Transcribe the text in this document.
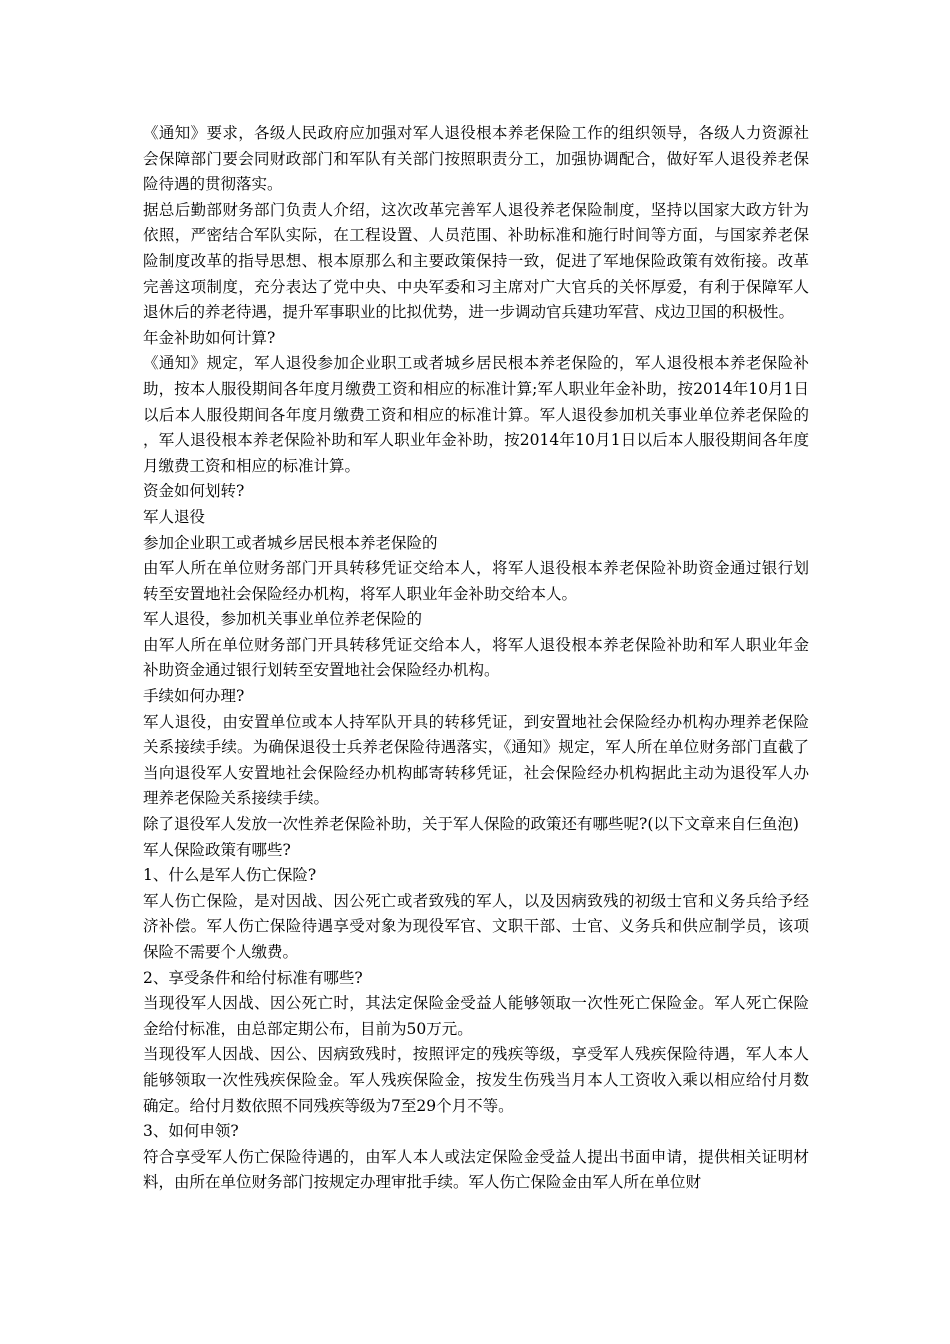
《通知》要求，各级人民政府应加强对军人退役根本养老保险工作的组织领导，各级人力资源社会保障部门要会同财政部门和军队有关部门按照职责分工，加强协调配合，做好军人退役养老保险待遇的贯彻落实。

据总后勤部财务部门负责人介绍，这次改革完善军人退役养老保险制度，坚持以国家大政方针为依照，严密结合军队实际，在工程设置、人员范围、补助标准和施行时间等方面，与国家养老保险制度改革的指导思想、根本原那么和主要政策保持一致，促进了军地保险政策有效衔接。改革完善这项制度，充分表达了党中央、中央军委和习主席对广大官兵的关怀厚爱，有利于保障军人退休后的养老待遇，提升军事职业的比拟优势，进一步调动官兵建功军营、戍边卫国的积极性。

年金补助如何计算?

《通知》规定，军人退役参加企业职工或者城乡居民根本养老保险的，军人退役根本养老保险补助，按本人服役期间各年度月缴费工资和相应的标准计算;军人职业年金补助，按2014年10月1日以后本人服役期间各年度月缴费工资和相应的标准计算。军人退役参加机关事业单位养老保险的，军人退役根本养老保险补助和军人职业年金补助，按2014年10月1日以后本人服役期间各年度月缴费工资和相应的标准计算。

资金如何划转?

军人退役

参加企业职工或者城乡居民根本养老保险的

由军人所在单位财务部门开具转移凭证交给本人，将军人退役根本养老保险补助资金通过银行划转至安置地社会保险经办机构，将军人职业年金补助交给本人。

军人退役，参加机关事业单位养老保险的

由军人所在单位财务部门开具转移凭证交给本人，将军人退役根本养老保险补助和军人职业年金补助资金通过银行划转至安置地社会保险经办机构。

手续如何办理?

军人退役，由安置单位或本人持军队开具的转移凭证，到安置地社会保险经办机构办理养老保险关系接续手续。为确保退役士兵养老保险待遇落实，《通知》规定，军人所在单位财务部门直截了当向退役军人安置地社会保险经办机构邮寄转移凭证，社会保险经办机构据此主动为退役军人办理养老保险关系接续手续。

除了退役军人发放一次性养老保险补助，关于军人保险的政策还有哪些呢?(以下文章来自仨鱼泡)

军人保险政策有哪些?

1、什么是军人伤亡保险?

军人伤亡保险，是对因战、因公死亡或者致残的军人，以及因病致残的初级士官和义务兵给予经济补偿。军人伤亡保险待遇享受对象为现役军官、文职干部、士官、义务兵和供应制学员，该项保险不需要个人缴费。

2、享受条件和给付标准有哪些?

当现役军人因战、因公死亡时，其法定保险金受益人能够领取一次性死亡保险金。军人死亡保险金给付标准，由总部定期公布，目前为50万元。

当现役军人因战、因公、因病致残时，按照评定的残疾等级，享受军人残疾保险待遇，军人本人能够领取一次性残疾保险金。军人残疾保险金，按发生伤残当月本人工资收入乘以相应给付月数确定。给付月数依照不同残疾等级为7至29个月不等。

3、如何申领?

符合享受军人伤亡保险待遇的，由军人本人或法定保险金受益人提出书面申请，提供相关证明材料，由所在单位财务部门按规定办理审批手续。军人伤亡保险金由军人所在单位财
